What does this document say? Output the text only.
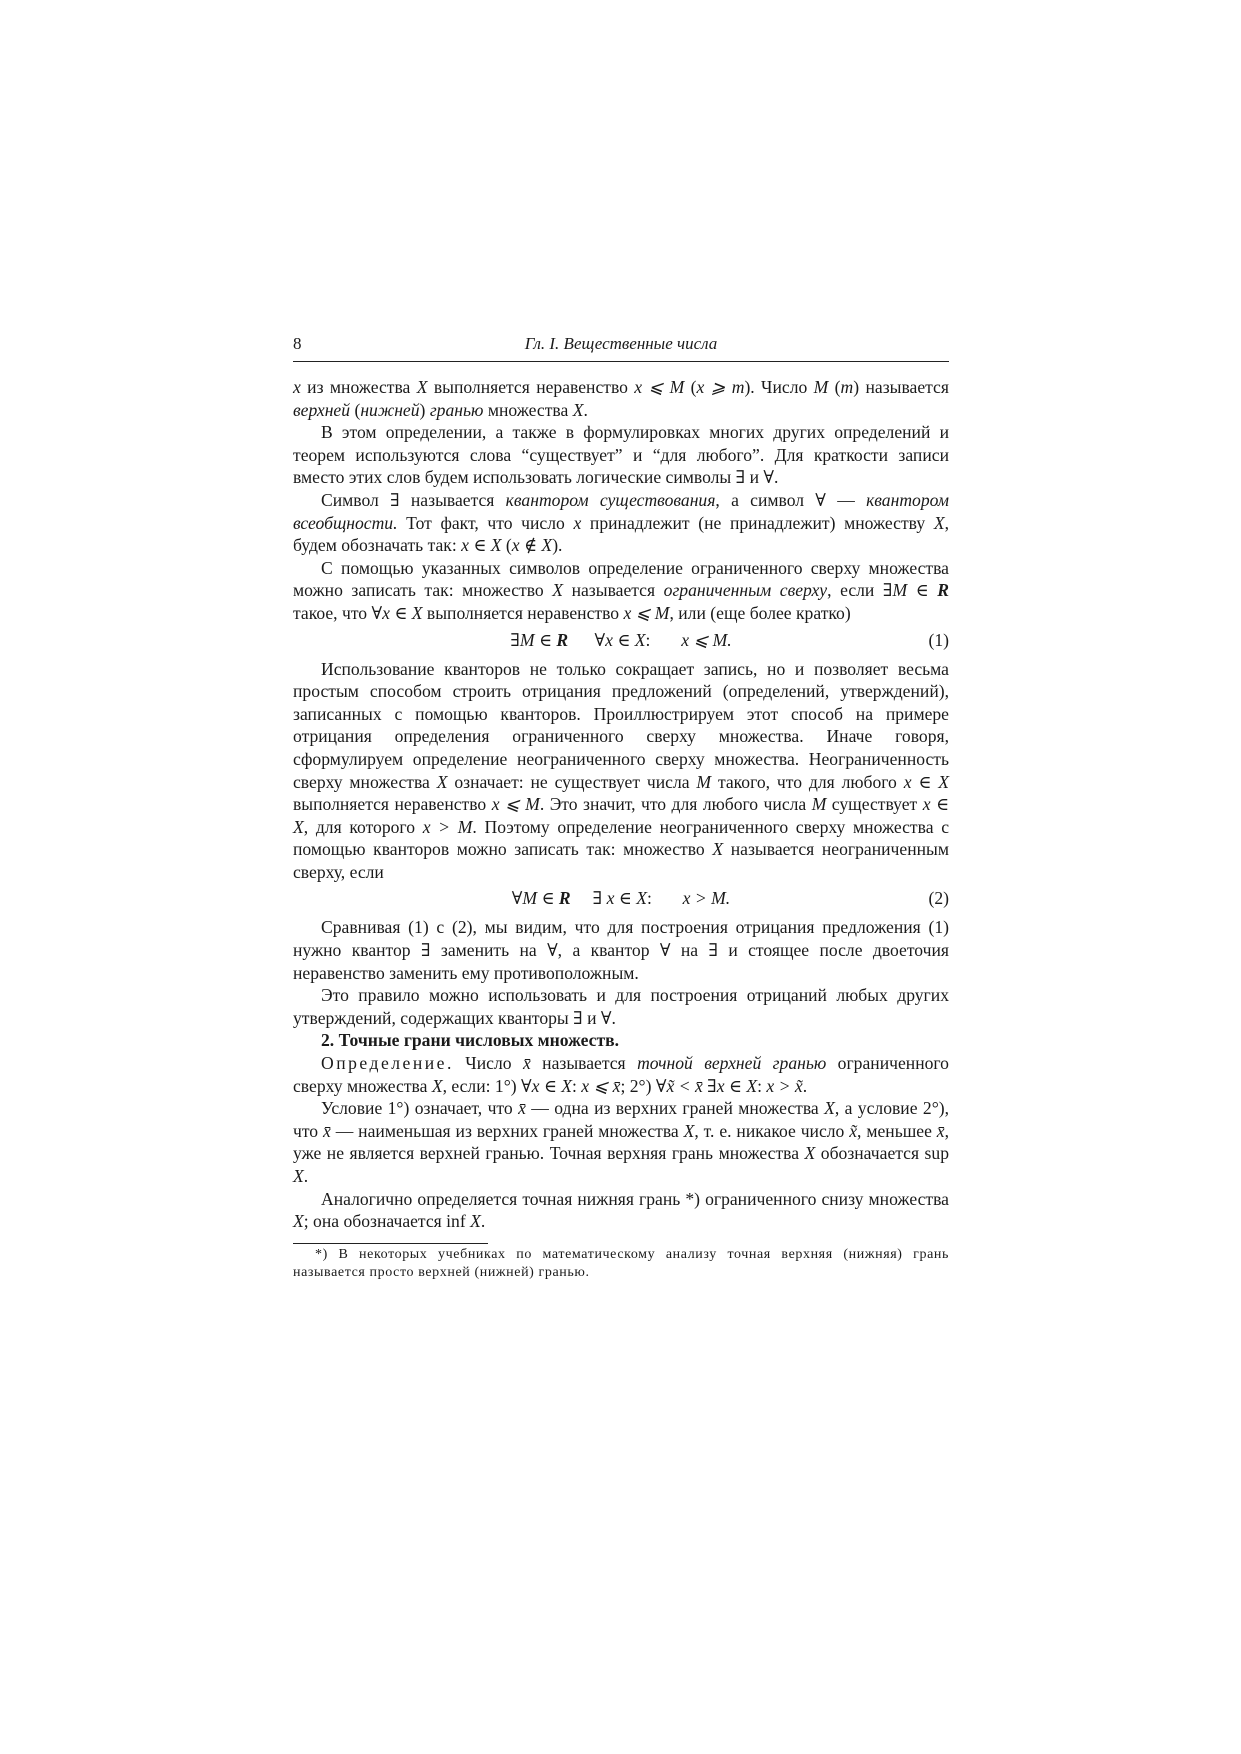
8	Гл. I. Вещественные числа

x из множества X выполняется неравенство x ⩽ M (x ⩾ m). Число M (m) называется верхней (нижней) гранью множества X.

В этом определении, а также в формулировках многих других определений и теорем используются слова “существует” и “для любого”. Для краткости записи вместо этих слов будем использовать логические символы ∃ и ∀.

Символ ∃ называется квантором существования, а символ ∀ — квантором всеобщности. Тот факт, что число x принадлежит (не принадлежит) множеству X, будем обозначать так: x ∈ X (x ∉ X).

С помощью указанных символов определение ограниченного сверху множества можно записать так: множество X называется ограниченным сверху, если ∃M ∈ R такое, что ∀x ∈ X выполняется неравенство x ⩽ M, или (еще более кратко)

∃M ∈ R      ∀x ∈ X:       x ⩽ M.	(1)

Использование кванторов не только сокращает запись, но и позволяет весьма простым способом строить отрицания предложений (определений, утверждений), записанных с помощью кванторов. Проиллюстрируем этот способ на примере отрицания определения ограниченного сверху множества. Иначе говоря, сформулируем определение неограниченного сверху множества. Неограниченность сверху множества X означает: не существует числа M такого, что для любого x ∈ X выполняется неравенство x ⩽ M. Это значит, что для любого числа M существует x ∈ X, для которого x > M. Поэтому определение неограниченного сверху множества с помощью кванторов можно записать так: множество X называется неограниченным сверху, если

∀M ∈ R     ∃ x ∈ X:       x > M.	(2)

Сравнивая (1) с (2), мы видим, что для построения отрицания предложения (1) нужно квантор ∃ заменить на ∀, а квантор ∀ на ∃ и стоящее после двоеточия неравенство заменить ему противоположным.

Это правило можно использовать и для построения отрицаний любых других утверждений, содержащих кванторы ∃ и ∀.

2. Точные грани числовых множеств.

Определение. Число x̄ называется точной верхней гранью ограниченного сверху множества X, если: 1°) ∀x ∈ X: x ⩽ x̄; 2°) ∀x̃ < x̄ ∃x ∈ X: x > x̃.

Условие 1°) означает, что x̄ — одна из верхних граней множества X, а условие 2°), что x̄ — наименьшая из верхних граней множества X, т. е. никакое число x̃, меньшее x̄, уже не является верхней гранью. Точная верхняя грань множества X обозначается sup X.

Аналогично определяется точная нижняя грань *) ограниченного снизу множества X; она обозначается inf X.

*) В некоторых учебниках по математическому анализу точная верхняя (нижняя) грань называется просто верхней (нижней) гранью.
